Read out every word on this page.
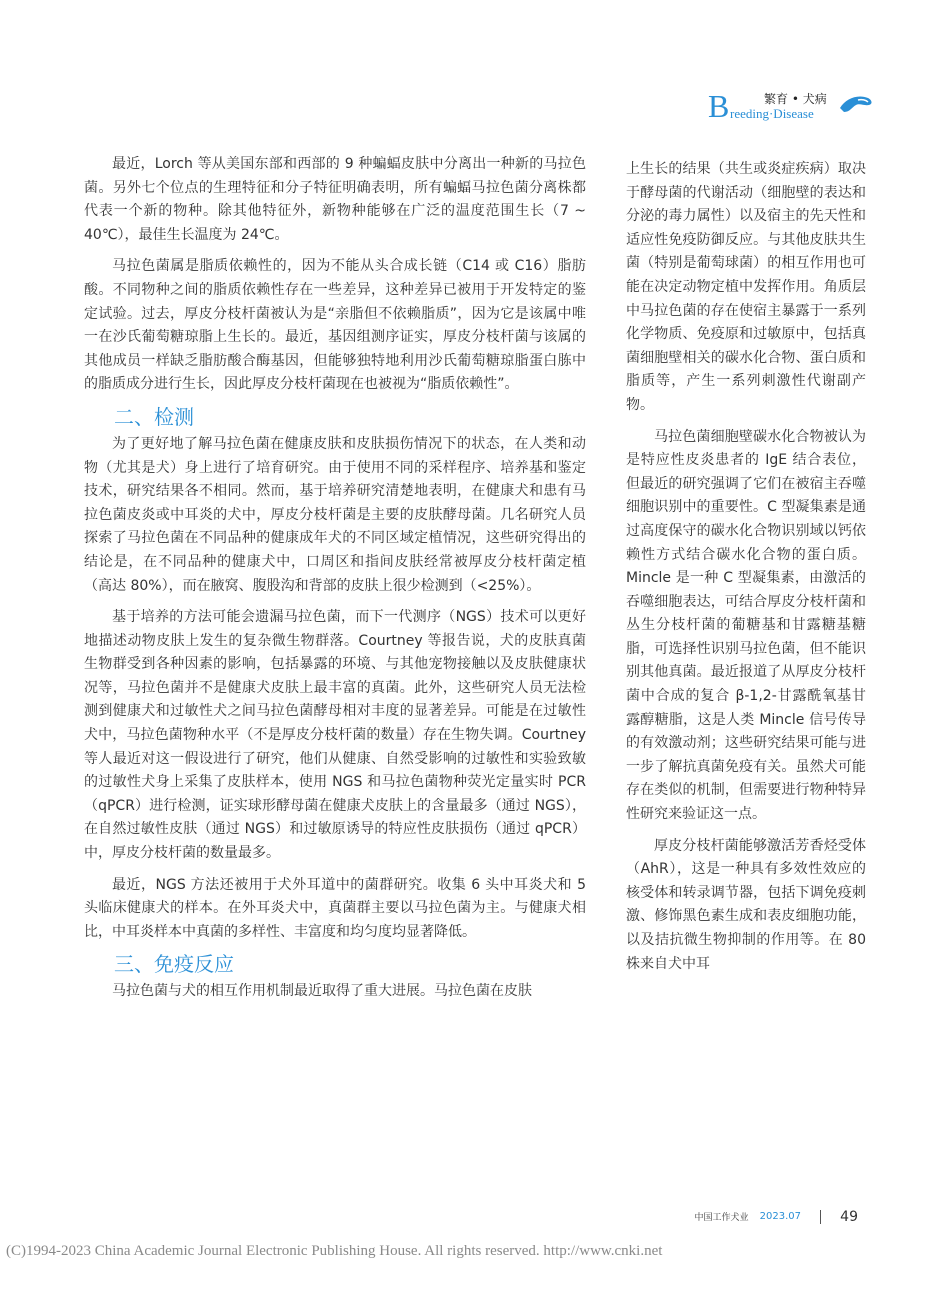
B	繁育 • 犬病
reeding·Disease

最近，Lorch 等从美国东部和西部的 9 种蝙蝠皮肤中分离出一种新的马拉色菌。另外七个位点的生理特征和分子特征明确表明，所有蝙蝠马拉色菌分离株都代表一个新的物种。除其他特征外，新物种能够在广泛的温度范围生长（7 ~ 40℃），最佳生长温度为 24℃。

马拉色菌属是脂质依赖性的，因为不能从头合成长链（C14 或 C16）脂肪酸。不同物种之间的脂质依赖性存在一些差异，这种差异已被用于开发特定的鉴定试验。过去，厚皮分枝杆菌被认为是“亲脂但不依赖脂质”，因为它是该属中唯一在沙氏葡萄糖琼脂上生长的。最近，基因组测序证实，厚皮分枝杆菌与该属的其他成员一样缺乏脂肪酸合酶基因，但能够独特地利用沙氏葡萄糖琼脂蛋白胨中的脂质成分进行生长，因此厚皮分枝杆菌现在也被视为“脂质依赖性”。

二、检测

为了更好地了解马拉色菌在健康皮肤和皮肤损伤情况下的状态，在人类和动物（尤其是犬）身上进行了培育研究。由于使用不同的采样程序、培养基和鉴定技术，研究结果各不相同。然而，基于培养研究清楚地表明，在健康犬和患有马拉色菌皮炎或中耳炎的犬中，厚皮分枝杆菌是主要的皮肤酵母菌。几名研究人员探索了马拉色菌在不同品种的健康成年犬的不同区域定植情况，这些研究得出的结论是，在不同品种的健康犬中，口周区和指间皮肤经常被厚皮分枝杆菌定植（高达 80%），而在腋窝、腹股沟和背部的皮肤上很少检测到（<25%）。

基于培养的方法可能会遗漏马拉色菌，而下一代测序（NGS）技术可以更好地描述动物皮肤上发生的复杂微生物群落。Courtney 等报告说，犬的皮肤真菌生物群受到各种因素的影响，包括暴露的环境、与其他宠物接触以及皮肤健康状况等，马拉色菌并不是健康犬皮肤上最丰富的真菌。此外，这些研究人员无法检测到健康犬和过敏性犬之间马拉色菌酵母相对丰度的显著差异。可能是在过敏性犬中，马拉色菌物种水平（不是厚皮分枝杆菌的数量）存在生物失调。Courtney 等人最近对这一假设进行了研究，他们从健康、自然受影响的过敏性和实验致敏的过敏性犬身上采集了皮肤样本，使用 NGS 和马拉色菌物种荧光定量实时 PCR（qPCR）进行检测，证实球形酵母菌在健康犬皮肤上的含量最多（通过 NGS），在自然过敏性皮肤（通过 NGS）和过敏原诱导的特应性皮肤损伤（通过 qPCR）中，厚皮分枝杆菌的数量最多。

最近，NGS 方法还被用于犬外耳道中的菌群研究。收集 6 头中耳炎犬和 5 头临床健康犬的样本。在外耳炎犬中，真菌群主要以马拉色菌为主。与健康犬相比，中耳炎样本中真菌的多样性、丰富度和均匀度均显著降低。

三、免疫反应

马拉色菌与犬的相互作用机制最近取得了重大进展。马拉色菌在皮肤

上生长的结果（共生或炎症疾病）取决于酵母菌的代谢活动（细胞壁的表达和分泌的毒力属性）以及宿主的先天性和适应性免疫防御反应。与其他皮肤共生菌（特别是葡萄球菌）的相互作用也可能在决定动物定植中发挥作用。角质层中马拉色菌的存在使宿主暴露于一系列化学物质、免疫原和过敏原中，包括真菌细胞壁相关的碳水化合物、蛋白质和脂质等，产生一系列刺激性代谢副产物。

马拉色菌细胞壁碳水化合物被认为是特应性皮炎患者的 IgE 结合表位，但最近的研究强调了它们在被宿主吞噬细胞识别中的重要性。C 型凝集素是通过高度保守的碳水化合物识别域以钙依赖性方式结合碳水化合物的蛋白质。Mincle 是一种 C 型凝集素，由激活的吞噬细胞表达，可结合厚皮分枝杆菌和丛生分枝杆菌的葡糖基和甘露糖基糖脂，可选择性识别马拉色菌，但不能识别其他真菌。最近报道了从厚皮分枝杆菌中合成的复合 β-1,2-甘露酰氧基甘露醇糖脂，这是人类 Mincle 信号传导的有效激动剂；这些研究结果可能与进一步了解抗真菌免疫有关。虽然犬可能存在类似的机制，但需要进行物种特异性研究来验证这一点。

厚皮分枝杆菌能够激活芳香烃受体（AhR），这是一种具有多效性效应的核受体和转录调节器，包括下调免疫刺激、修饰黑色素生成和表皮细胞功能，以及拮抗微生物抑制的作用等。在 80 株来自犬中耳

中国工作犬业 2023.07	49
(C)1994-2023 China Academic Journal Electronic Publishing House. All rights reserved. http://www.cnki.net
